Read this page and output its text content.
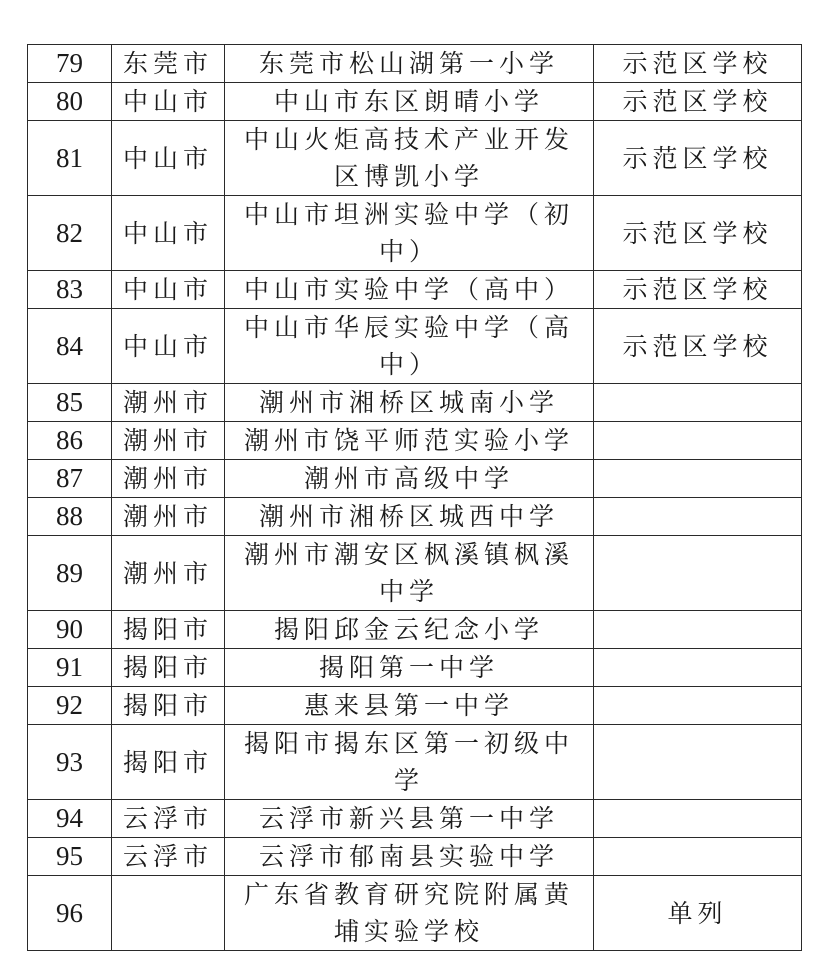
79	东莞市	东莞市松山湖第一小学	示范区学校
80	中山市	中山市东区朗晴小学	示范区学校
81	中山市	中山火炬高技术产业开发区博凯小学	示范区学校
82	中山市	中山市坦洲实验中学（初中）	示范区学校
83	中山市	中山市实验中学（高中）	示范区学校
84	中山市	中山市华辰实验中学（高中）	示范区学校
85	潮州市	潮州市湘桥区城南小学	
86	潮州市	潮州市饶平师范实验小学	
87	潮州市	潮州市高级中学	
88	潮州市	潮州市湘桥区城西中学	
89	潮州市	潮州市潮安区枫溪镇枫溪中学	
90	揭阳市	揭阳邱金云纪念小学	
91	揭阳市	揭阳第一中学	
92	揭阳市	惠来县第一中学	
93	揭阳市	揭阳市揭东区第一初级中学	
94	云浮市	云浮市新兴县第一中学	
95	云浮市	云浮市郁南县实验中学	
96		广东省教育研究院附属黄埔实验学校	单列
